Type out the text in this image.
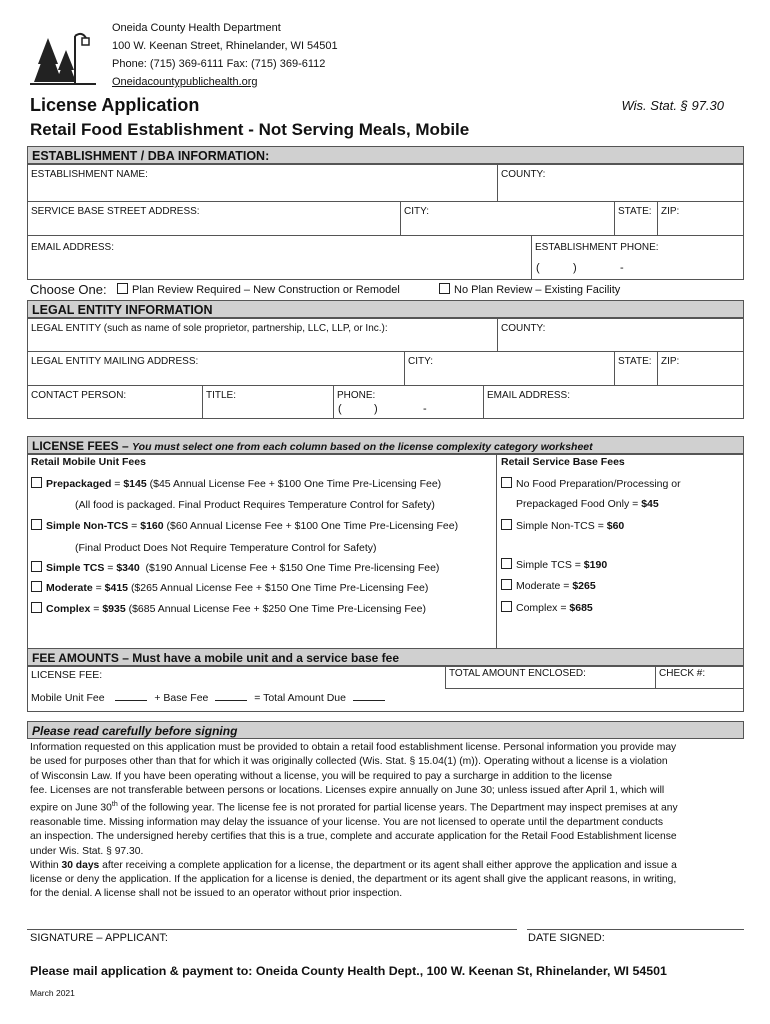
Oneida County Health Department
100 W. Keenan Street, Rhinelander, WI 54501
Phone: (715) 369-6111 Fax: (715) 369-6112
Oneidacountypublichealth.org
License Application
Retail Food Establishment - Not Serving Meals, Mobile
Wis. Stat. § 97.30
ESTABLISHMENT / DBA INFORMATION:
ESTABLISHMENT NAME:	COUNTY:
SERVICE BASE STREET ADDRESS:	CITY:	STATE: ZIP:
EMAIL ADDRESS:	ESTABLISHMENT PHONE:
(	)	-
Choose One:	Plan Review Required – New Construction or Remodel	No Plan Review – Existing Facility
LEGAL ENTITY INFORMATION
LEGAL ENTITY (such as name of sole proprietor, partnership, LLC, LLP, or Inc.):	COUNTY:
LEGAL ENTITY MAILING ADDRESS:	CITY:	STATE: ZIP:
CONTACT PERSON:	TITLE:	PHONE:
(	)	-
EMAIL ADDRESS:
LICENSE FEES – You must select one from each column based on the license complexity category worksheet
Retail Mobile Unit Fees	Retail Service Base Fees
Prepackaged = $145 ($45 Annual License Fee + $100 One Time Pre-Licensing Fee)
(All food is packaged. Final Product Requires Temperature Control for Safety)
Simple Non-TCS = $160 ($60 Annual License Fee + $100 One Time Pre-Licensing Fee)
(Final Product Does Not Require Temperature Control for Safety)
Simple TCS = $340 ($190 Annual License Fee + $150 One Time Pre-licensing Fee)
Moderate = $415 ($265 Annual License Fee + $150 One Time Pre-Licensing Fee)
Complex = $935 ($685 Annual License Fee + $250 One Time Pre-Licensing Fee)
No Food Preparation/Processing or
Prepackaged Food Only = $45
Simple Non-TCS = $60
Simple TCS = $190
Moderate = $265
Complex = $685
FEE AMOUNTS – Must have a mobile unit and a service base fee
LICENSE FEE:	TOTAL AMOUNT ENCLOSED:	CHECK #:
Mobile Unit Fee	+ Base Fee	= Total Amount Due
Please read carefully before signing
Information requested on this application must be provided to obtain a retail food establishment license. Personal information you provide may
be used for purposes other than that for which it was originally collected (Wis. Stat. § 15.04(1) (m)). Operating without a license is a violation
of Wisconsin Law. If you have been operating without a license, you will be required to pay a surcharge in addition to the license
fee. Licenses are not transferable between persons or locations. Licenses expire annually on June 30; unless issued after April 1, which will
expire on June 30th of the following year. The license fee is not prorated for partial license years. The Department may inspect premises at any
reasonable time. Missing information may delay the issuance of your license. You are not licensed to operate until the department conducts
an inspection. The undersigned hereby certifies that this is a true, complete and accurate application for the Retail Food Establishment license
under Wis. Stat. § 97.30.
Within 30 days after receiving a complete application for a license, the department or its agent shall either approve the application and issue a
license or deny the application. If the application for a license is denied, the department or its agent shall give the applicant reasons, in writing,
for the denial. A license shall not be issued to an operator without prior inspection.
SIGNATURE – APPLICANT:	DATE SIGNED:
Please mail application & payment to: Oneida County Health Dept., 100 W. Keenan St, Rhinelander, WI 54501
March 2021
